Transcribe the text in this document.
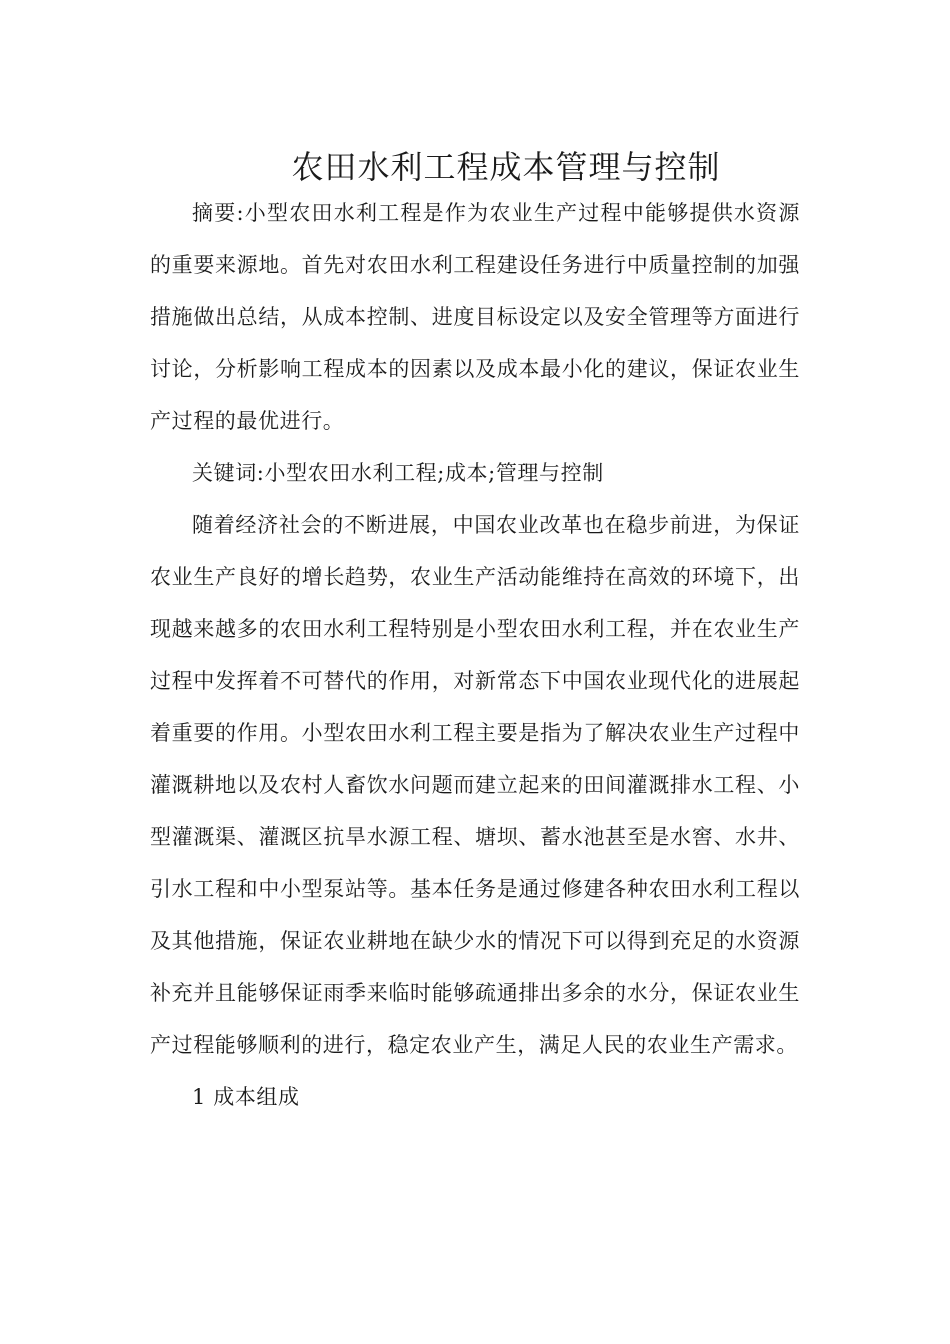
农田水利工程成本管理与控制

摘要:小型农田水利工程是作为农业生产过程中能够提供水资源的重要来源地。首先对农田水利工程建设任务进行中质量控制的加强措施做出总结，从成本控制、进度目标设定以及安全管理等方面进行讨论，分析影响工程成本的因素以及成本最小化的建议，保证农业生产过程的最优进行。

关键词:小型农田水利工程;成本;管理与控制

随着经济社会的不断进展，中国农业改革也在稳步前进，为保证农业生产良好的增长趋势，农业生产活动能维持在高效的环境下，出现越来越多的农田水利工程特别是小型农田水利工程，并在农业生产过程中发挥着不可替代的作用，对新常态下中国农业现代化的进展起着重要的作用。小型农田水利工程主要是指为了解决农业生产过程中灌溉耕地以及农村人畜饮水问题而建立起来的田间灌溉排水工程、小型灌溉渠、灌溉区抗旱水源工程、塘坝、蓄水池甚至是水窖、水井、引水工程和中小型泵站等。基本任务是通过修建各种农田水利工程以及其他措施，保证农业耕地在缺少水的情况下可以得到充足的水资源补充并且能够保证雨季来临时能够疏通排出多余的水分，保证农业生产过程能够顺利的进行，稳定农业产生，满足人民的农业生产需求。

1 成本组成
